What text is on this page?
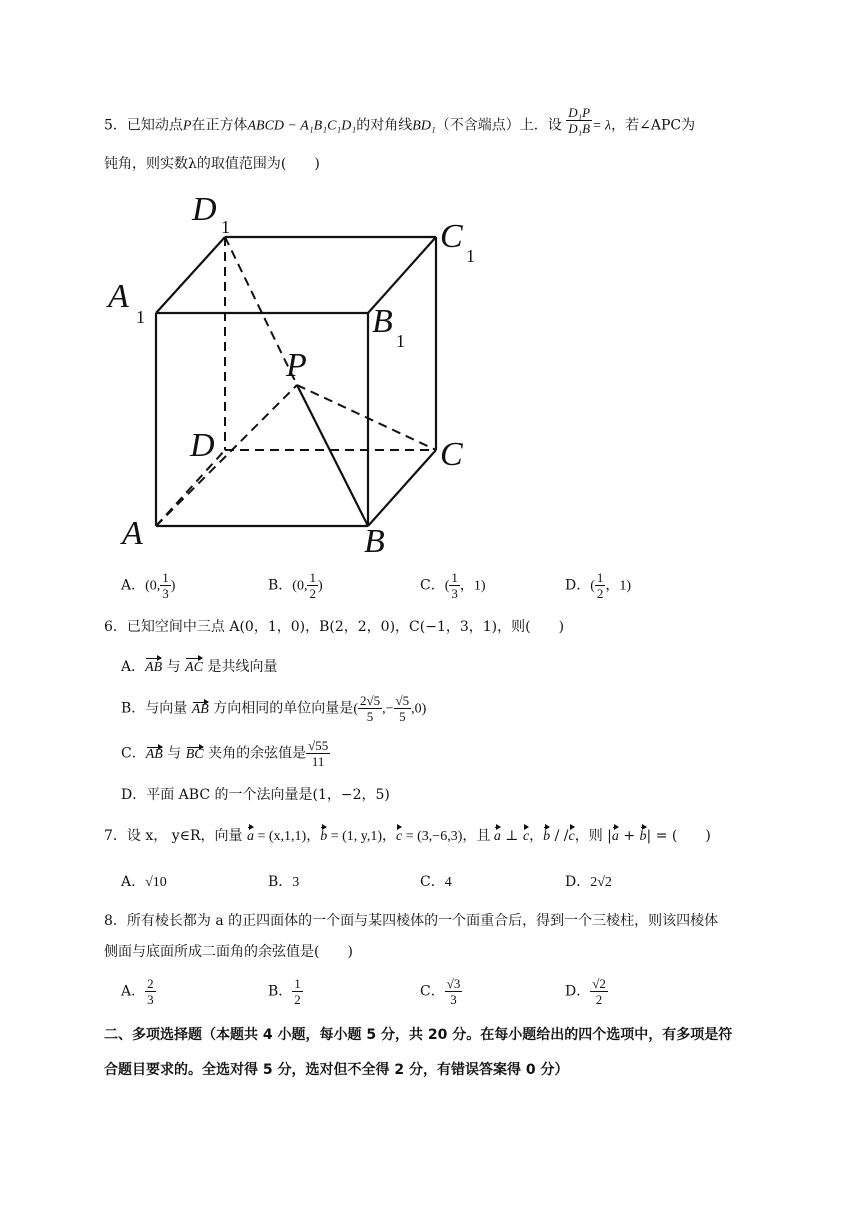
5．已知动点P在正方体ABCD − A₁B₁C₁D₁的对角线BD₁（不含端点）上．设 $\frac{\text{D₁P}}{\text{D₁B}} = \lambda$，若∠APC为
钝角，则实数λ的取值范围为(　　)
D 1	C
1
A
1	B
1
P
D	C
A	B
A．(0, $\frac{1}{3}$ )	B．(0, $\frac{1}{2}$ )	C．( $\frac{1}{3}$ ，1)	D．( $\frac{1}{2}$ ，1)
6．已知空间中三点 A(0，1，0)，B(2，2，0)，C(−1，3，1)，则(　　)
A．AB 与 AC 是共线向量
B．与向量 AB 方向相同的单位向量是( $\frac{2√5}{5}$ ,− $\frac{√5}{5} ,0$)
C．AB 与 BC 夹角的余弦值是 $\frac{√55}{11}$
D．平面 ABC 的一个法向量是(1，−2，5)
7．设 x， y∈R，向量 a = (x,1,1)，b = (1, y,1)，c = (3,−6,3)，且 a ⊥ c，b / /c，则 |a + b| = (　　)
A．√10	B．3	C．4	D．2√2
8．所有棱长都为 a 的正四面体的一个面与某四棱体的一个面重合后，得到一个三棱柱，则该四棱体
侧面与底面所成二面角的余弦值是(　　)
A． $\frac{2}{3}$	B． $\frac{1}{2}$	C． $\frac{√3}{3}$	D． $\frac{√2}{2}$
二、多项选择题（本题共 4 小题，每小题 5 分，共 20 分。在每小题给出的四个选项中，有多项是符
合题目要求的。全选对得 5 分，选对但不全得 2 分，有错误答案得 0 分）
